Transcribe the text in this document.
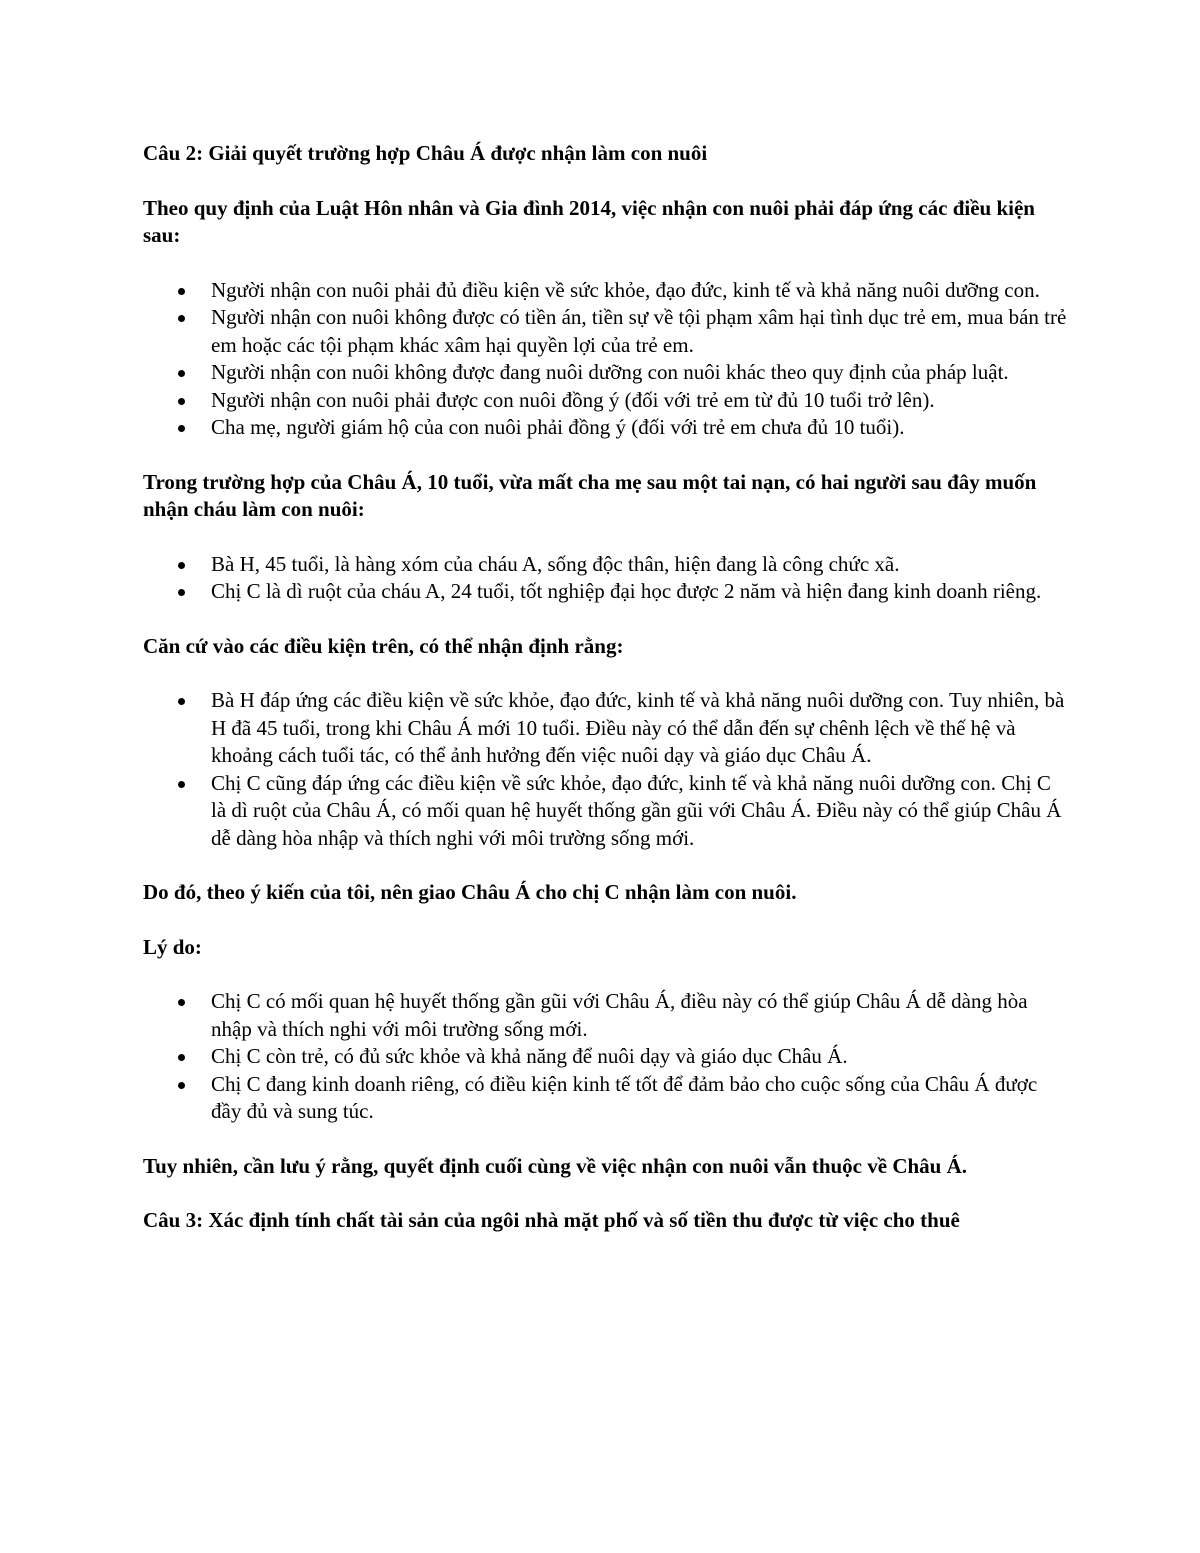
Câu 2: Giải quyết trường hợp Châu Á được nhận làm con nuôi

Theo quy định của Luật Hôn nhân và Gia đình 2014, việc nhận con nuôi phải đáp ứng các điều kiện sau:

Người nhận con nuôi phải đủ điều kiện về sức khỏe, đạo đức, kinh tế và khả năng nuôi dưỡng con.
Người nhận con nuôi không được có tiền án, tiền sự về tội phạm xâm hại tình dục trẻ em, mua bán trẻ em hoặc các tội phạm khác xâm hại quyền lợi của trẻ em.
Người nhận con nuôi không được đang nuôi dưỡng con nuôi khác theo quy định của pháp luật.
Người nhận con nuôi phải được con nuôi đồng ý (đối với trẻ em từ đủ 10 tuổi trở lên).
Cha mẹ, người giám hộ của con nuôi phải đồng ý (đối với trẻ em chưa đủ 10 tuổi).

Trong trường hợp của Châu Á, 10 tuổi, vừa mất cha mẹ sau một tai nạn, có hai người sau đây muốn nhận cháu làm con nuôi:

Bà H, 45 tuổi, là hàng xóm của cháu A, sống độc thân, hiện đang là công chức xã.
Chị C là dì ruột của cháu A, 24 tuổi, tốt nghiệp đại học được 2 năm và hiện đang kinh doanh riêng.

Căn cứ vào các điều kiện trên, có thể nhận định rằng:

Bà H đáp ứng các điều kiện về sức khỏe, đạo đức, kinh tế và khả năng nuôi dưỡng con. Tuy nhiên, bà H đã 45 tuổi, trong khi Châu Á mới 10 tuổi. Điều này có thể dẫn đến sự chênh lệch về thế hệ và khoảng cách tuổi tác, có thể ảnh hưởng đến việc nuôi dạy và giáo dục Châu Á.
Chị C cũng đáp ứng các điều kiện về sức khỏe, đạo đức, kinh tế và khả năng nuôi dưỡng con. Chị C là dì ruột của Châu Á, có mối quan hệ huyết thống gần gũi với Châu Á. Điều này có thể giúp Châu Á dễ dàng hòa nhập và thích nghi với môi trường sống mới.

Do đó, theo ý kiến của tôi, nên giao Châu Á cho chị C nhận làm con nuôi.

Lý do:

Chị C có mối quan hệ huyết thống gần gũi với Châu Á, điều này có thể giúp Châu Á dễ dàng hòa nhập và thích nghi với môi trường sống mới.
Chị C còn trẻ, có đủ sức khỏe và khả năng để nuôi dạy và giáo dục Châu Á.
Chị C đang kinh doanh riêng, có điều kiện kinh tế tốt để đảm bảo cho cuộc sống của Châu Á được đầy đủ và sung túc.

Tuy nhiên, cần lưu ý rằng, quyết định cuối cùng về việc nhận con nuôi vẫn thuộc về Châu Á.

Câu 3: Xác định tính chất tài sản của ngôi nhà mặt phố và số tiền thu được từ việc cho thuê
